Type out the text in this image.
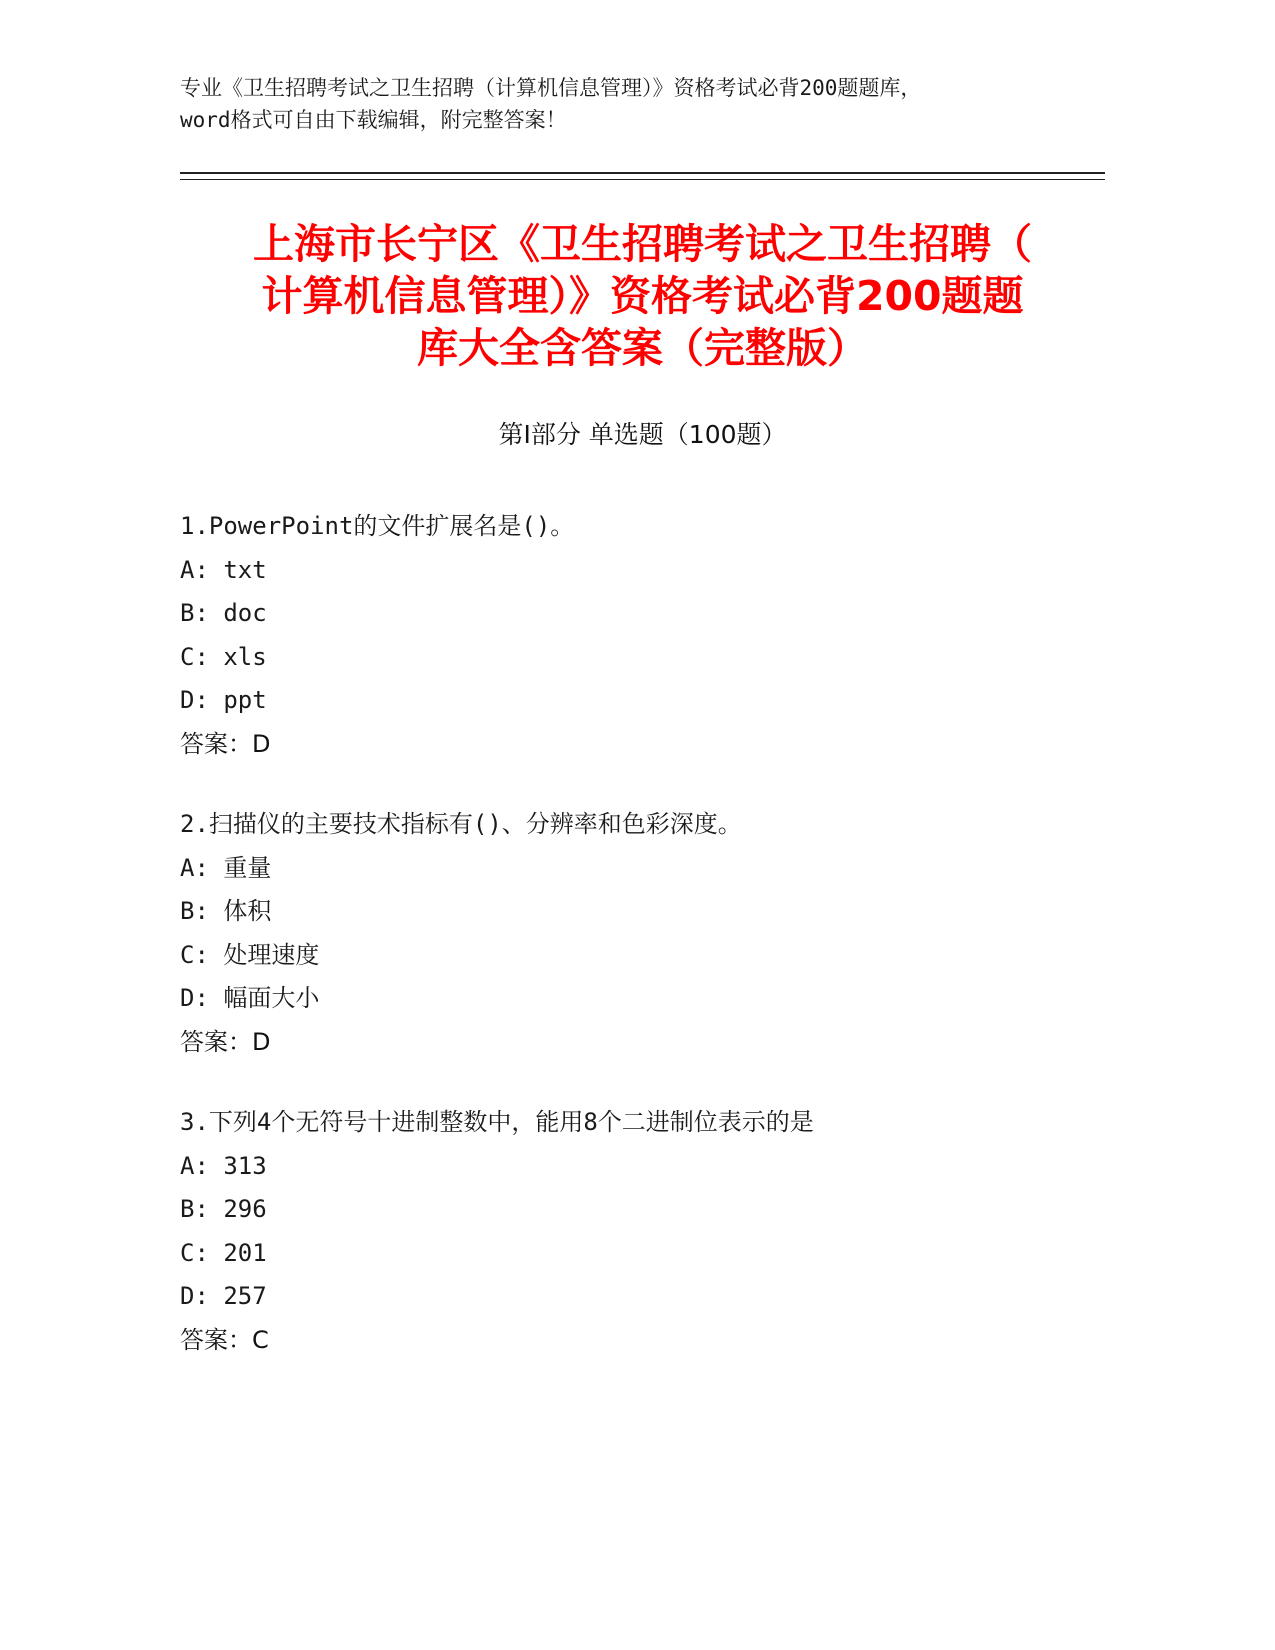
专业《卫生招聘考试之卫生招聘（计算机信息管理）》资格考试必背200题题库，
word格式可自由下载编辑，附完整答案！
上海市长宁区《卫生招聘考试之卫生招聘（
计算机信息管理）》资格考试必背200题题
库大全含答案（完整版）
第Ⅰ部分 单选题（100题）
1.PowerPoint的文件扩展名是()。
A: txt
B: doc
C: xls
D: ppt
答案：D
2.扫描仪的主要技术指标有()、分辨率和色彩深度。
A: 重量
B: 体积
C: 处理速度
D: 幅面大小
答案：D
3.下列4个无符号十进制整数中，能用8个二进制位表示的是
A: 313
B: 296
C: 201
D: 257
答案：C
